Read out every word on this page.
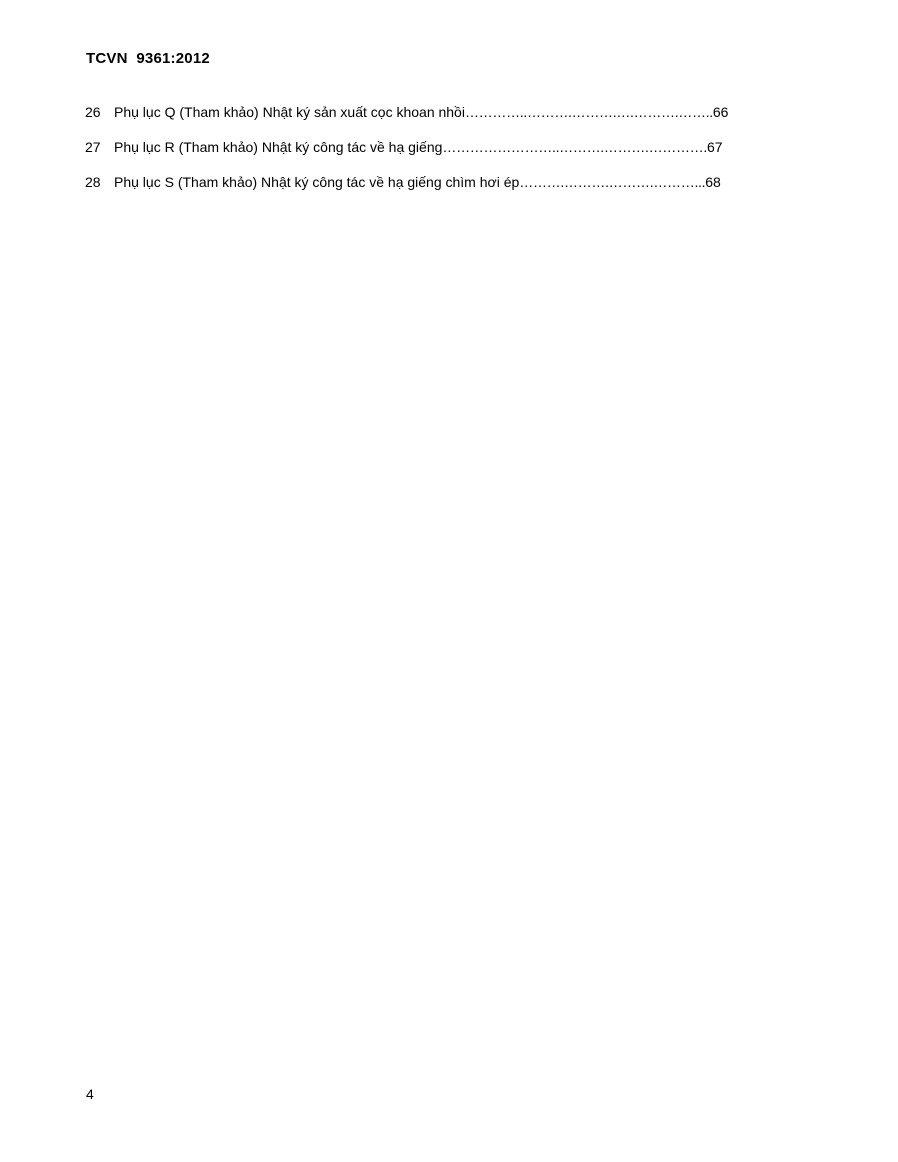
TCVN  9361:2012
26 Phụ lục Q (Tham khảo) Nhật ký sản xuất cọc khoan nhồi…………..……….……….….……….……..66
27 Phụ lục R (Tham khảo) Nhật ký công tác về hạ giếng……………………..……….……….………….67
28 Phụ lục S (Tham khảo) Nhật ký công tác về hạ giếng chìm hơi ép……….……….……….………...68
4
